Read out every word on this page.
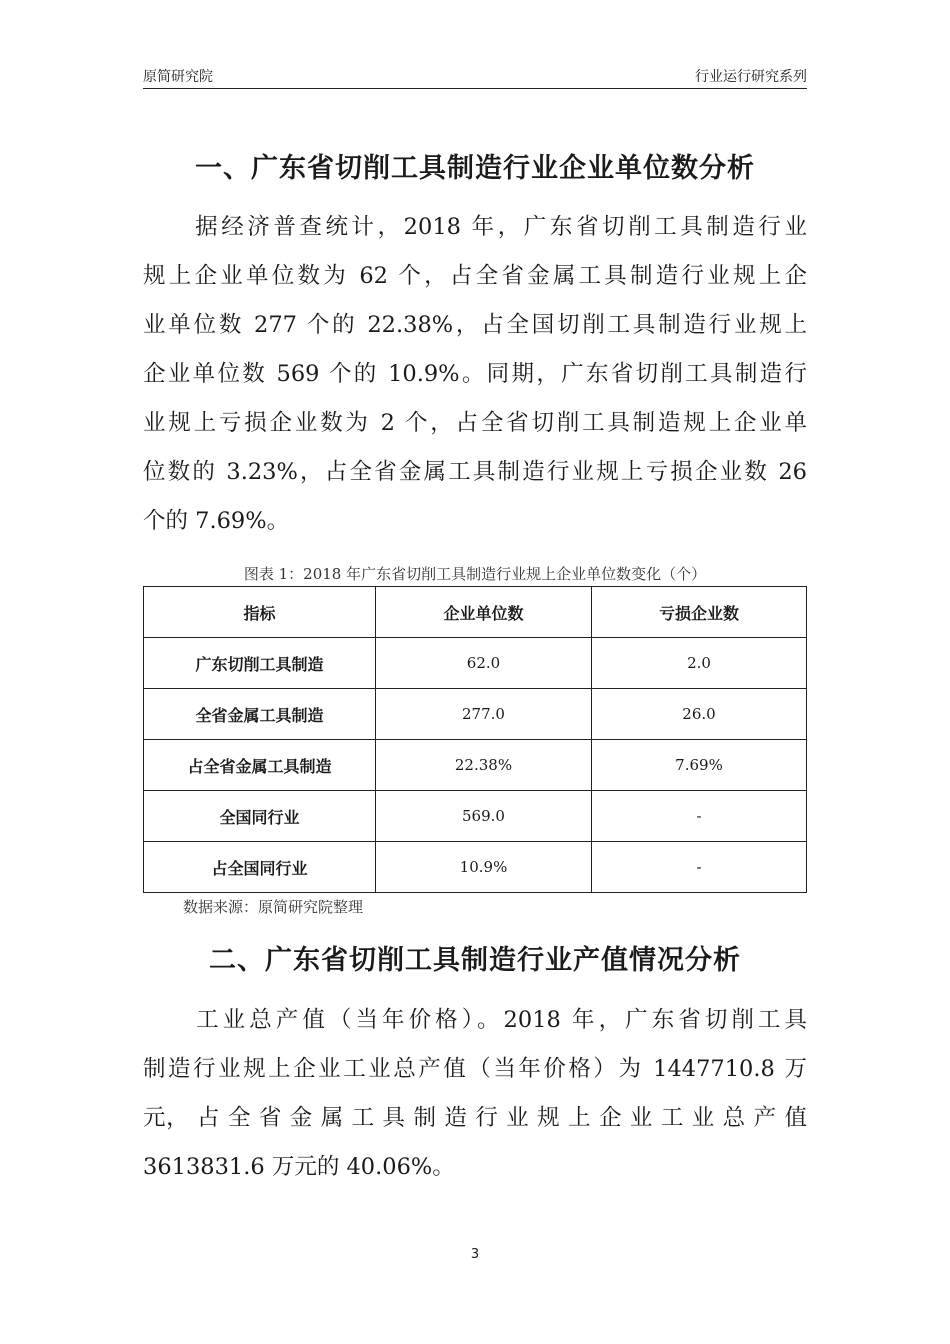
原简研究院	行业运行研究系列
一、广东省切削工具制造行业企业单位数分析
　　据经济普查统计，2018 年，广东省切削工具制造行业
规上企业单位数为 62 个，占全省金属工具制造行业规上企
业单位数 277 个的 22.38%，占全国切削工具制造行业规上
企业单位数 569 个的 10.9%。同期，广东省切削工具制造行
业规上亏损企业数为 2 个，占全省切削工具制造规上企业单
位数的 3.23%，占全省金属工具制造行业规上亏损企业数 26
个的 7.69%。
图表 1：2018 年广东省切削工具制造行业规上企业单位数变化（个）
指标	企业单位数	亏损企业数
广东切削工具制造	62.0	2.0
全省金属工具制造	277.0	26.0
占全省金属工具制造	22.38%	7.69%
全国同行业	569.0	-
占全国同行业	10.9%	-
数据来源：原简研究院整理
二、广东省切削工具制造行业产值情况分析
　　工业总产值（当年价格）。2018 年，广东省切削工具
制造行业规上企业工业总产值（当年价格）为 1447710.8 万
元， 占 全 省 金 属 工 具 制 造 行 业 规 上 企 业 工 业 总 产 值
3613831.6 万元的 40.06%。
3
